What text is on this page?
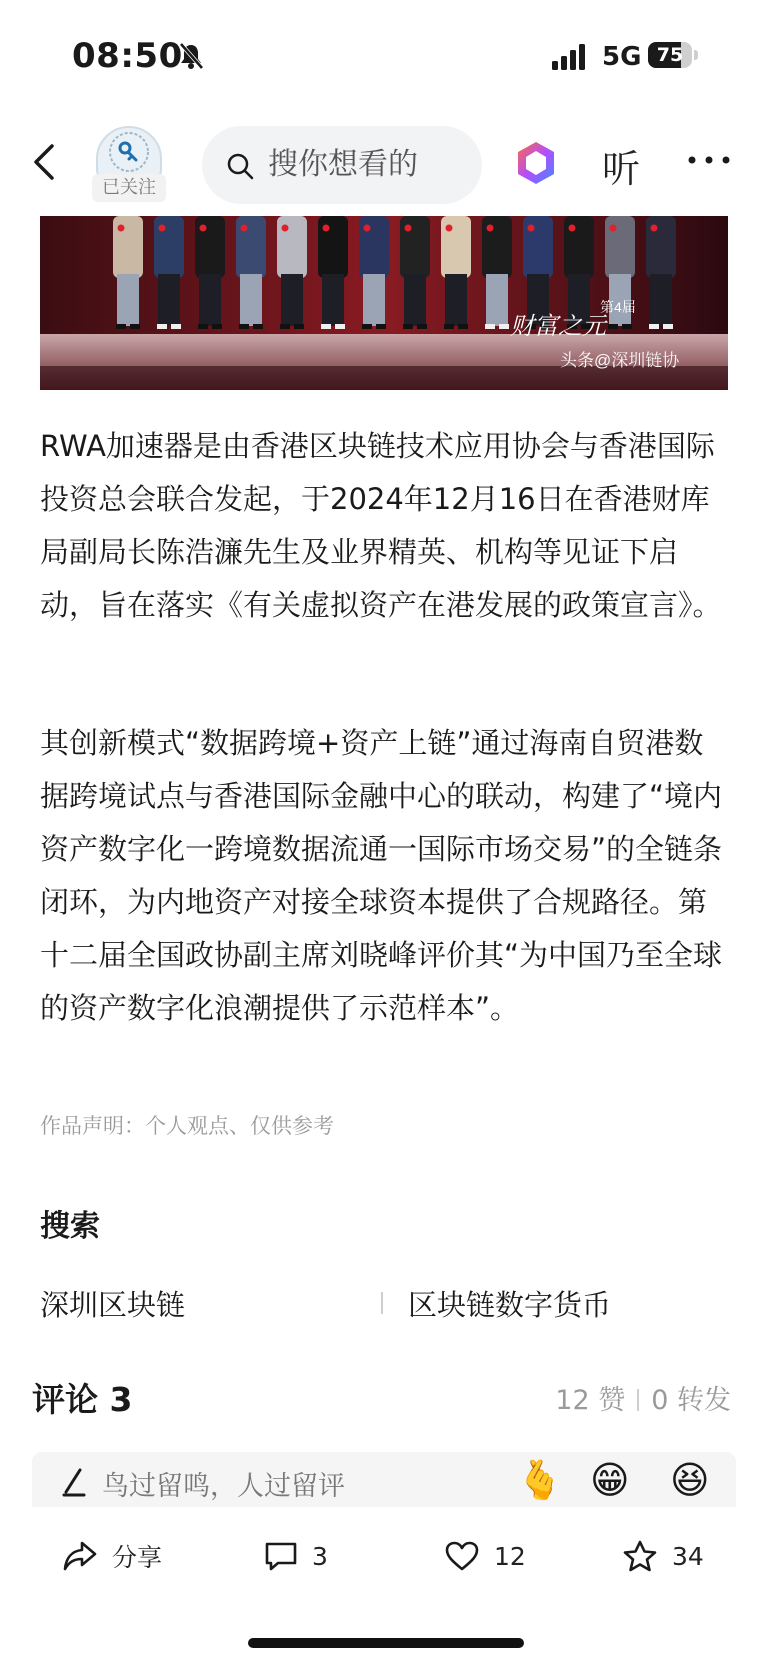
08:50	5G 75
已关注
搜你想看的	听
财富之元
第4届
头条@深圳链协

RWA加速器是由香港区块链技术应用协会与香港国际投资总会联合发起，于2024年12月16日在香港财库局副局长陈浩濂先生及业界精英、机构等见证下启动，旨在落实《有关虚拟资产在港发展的政策宣言》。

其创新模式“数据跨境+资产上链”通过海南自贸港数据跨境试点与香港国际金融中心的联动，构建了“境内资产数字化一跨境数据流通一国际市场交易”的全链条闭环，为内地资产对接全球资本提供了合规路径。第十二届全国政协副主席刘晓峰评价其“为中国乃至全球的资产数字化浪潮提供了示范样本”。

作品声明：个人观点、仅供参考
搜索
深圳区块链	区块链数字货币
评论 3	12 赞 0 转发
鸟过留鸣，人过留评	🫰 😁 😆
分享	3	12	34
